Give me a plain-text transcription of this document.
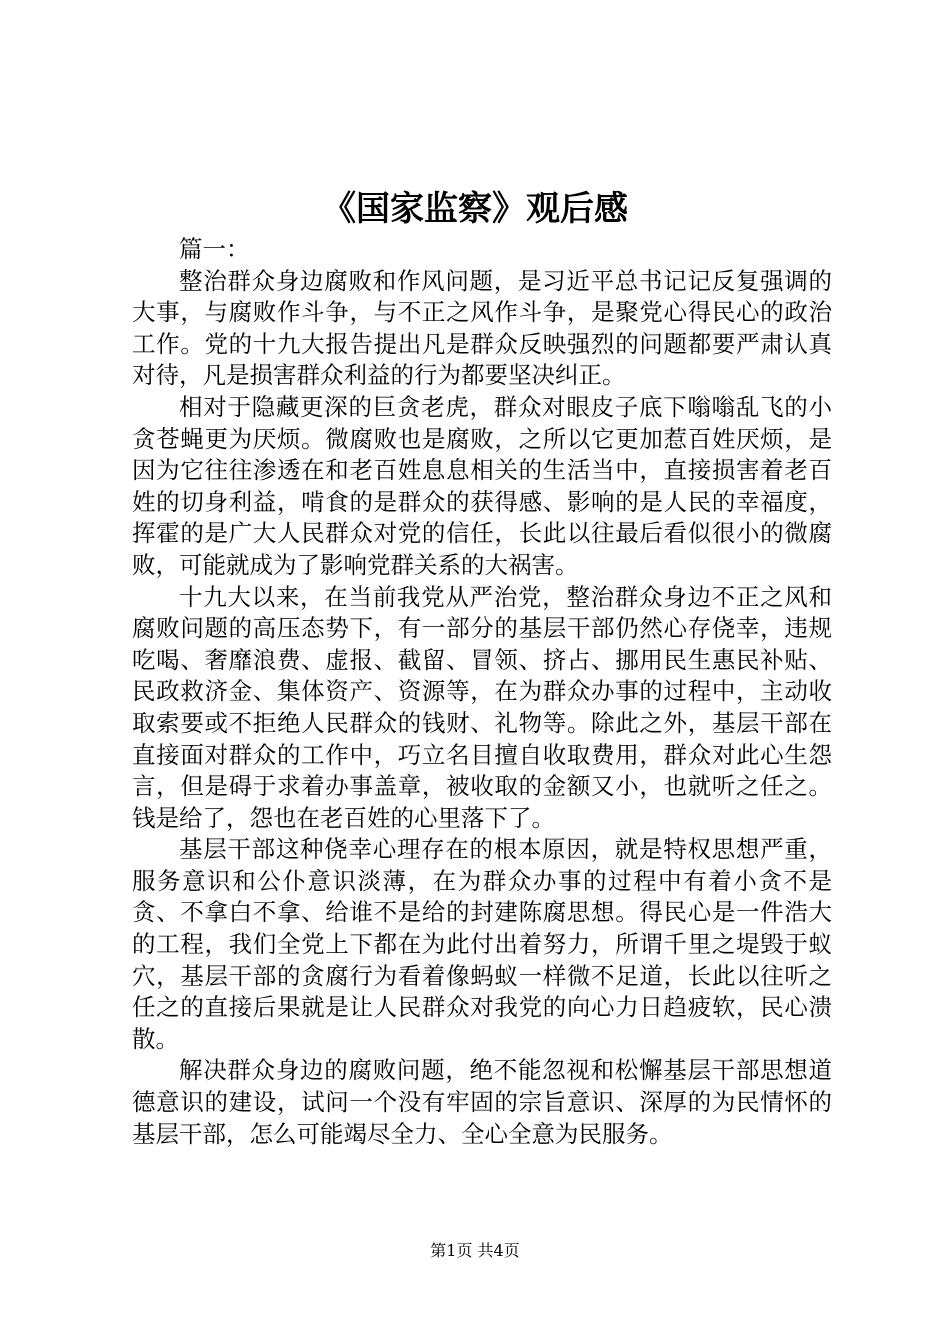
《国家监察》观后感

篇一：

整治群众身边腐败和作风问题，是习近平总书记记反复强调的大事，与腐败作斗争，与不正之风作斗争，是聚党心得民心的政治工作。党的十九大报告提出凡是群众反映强烈的问题都要严肃认真对待，凡是损害群众利益的行为都要坚决纠正。

相对于隐藏更深的巨贪老虎，群众对眼皮子底下嗡嗡乱飞的小贪苍蝇更为厌烦。微腐败也是腐败，之所以它更加惹百姓厌烦，是因为它往往渗透在和老百姓息息相关的生活当中，直接损害着老百姓的切身利益，啃食的是群众的获得感、影响的是人民的幸福度，挥霍的是广大人民群众对党的信任，长此以往最后看似很小的微腐败，可能就成为了影响党群关系的大祸害。

十九大以来，在当前我党从严治党，整治群众身边不正之风和腐败问题的高压态势下，有一部分的基层干部仍然心存侥幸，违规吃喝、奢靡浪费、虚报、截留、冒领、挤占、挪用民生惠民补贴、民政救济金、集体资产、资源等，在为群众办事的过程中，主动收取索要或不拒绝人民群众的钱财、礼物等。除此之外，基层干部在直接面对群众的工作中，巧立名目擅自收取费用，群众对此心生怨言，但是碍于求着办事盖章，被收取的金额又小，也就听之任之。钱是给了，怨也在老百姓的心里落下了。

基层干部这种侥幸心理存在的根本原因，就是特权思想严重，服务意识和公仆意识淡薄，在为群众办事的过程中有着小贪不是贪、不拿白不拿、给谁不是给的封建陈腐思想。得民心是一件浩大的工程，我们全党上下都在为此付出着努力，所谓千里之堤毁于蚁穴，基层干部的贪腐行为看着像蚂蚁一样微不足道，长此以往听之任之的直接后果就是让人民群众对我党的向心力日趋疲软，民心溃散。

解决群众身边的腐败问题，绝不能忽视和松懈基层干部思想道德意识的建设，试问一个没有牢固的宗旨意识、深厚的为民情怀的基层干部，怎么可能竭尽全力、全心全意为民服务。

第1页 共4页
